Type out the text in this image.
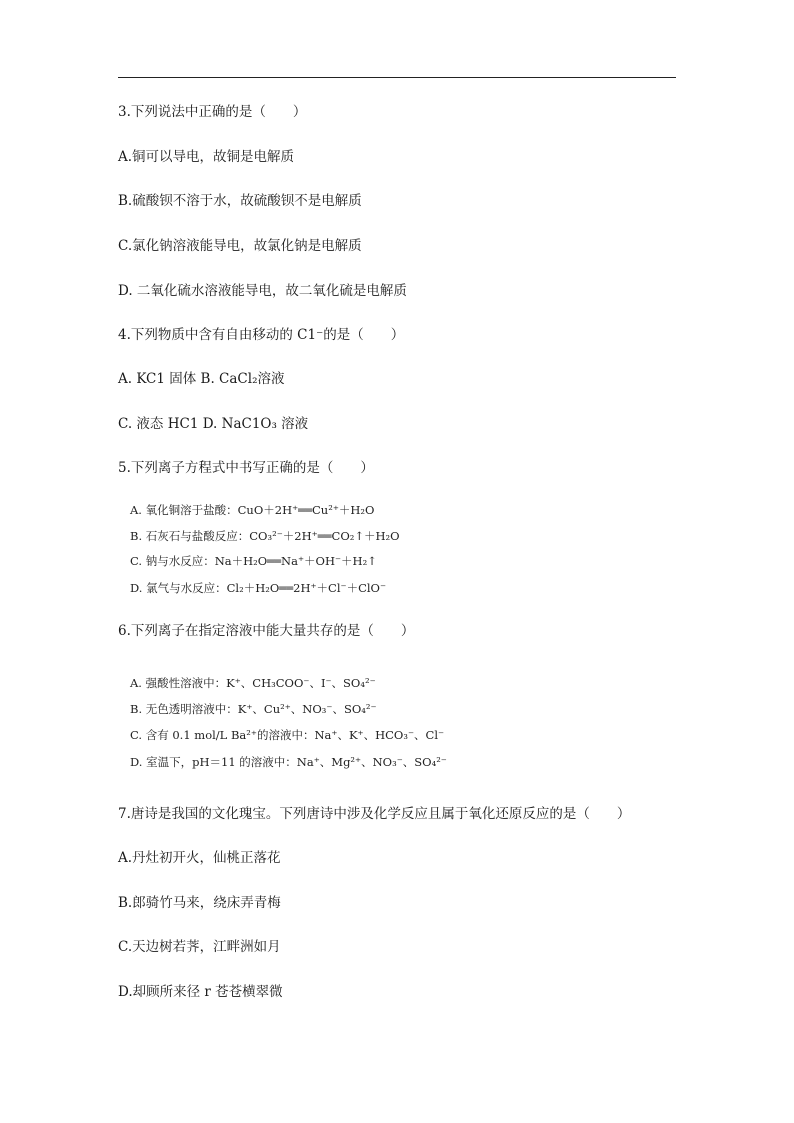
3.下列说法中正确的是（　　）
A.铜可以导电，故铜是电解质
B.硫酸钡不溶于水，故硫酸钡不是电解质
C.氯化钠溶液能导电，故氯化钠是电解质
D. 二氧化硫水溶液能导电，故二氧化硫是电解质
4.下列物质中含有自由移动的 C1⁻的是（　　）
A. KC1 固体 B. CaCl₂溶液
C. 液态 HC1 D. NaC1O₃ 溶液
5.下列离子方程式中书写正确的是（　　）
A. 氧化铜溶于盐酸：CuO＋2H⁺══Cu²⁺＋H₂O
B. 石灰石与盐酸反应：CO₃²⁻＋2H⁺══CO₂↑＋H₂O
C. 钠与水反应：Na＋H₂O══Na⁺＋OH⁻＋H₂↑
D. 氯气与水反应：Cl₂＋H₂O══2H⁺＋Cl⁻＋ClO⁻
6.下列离子在指定溶液中能大量共存的是（　　）
A. 强酸性溶液中：K⁺、CH₃COO⁻、I⁻、SO₄²⁻
B. 无色透明溶液中：K⁺、Cu²⁺、NO₃⁻、SO₄²⁻
C. 含有 0.1 mol/L Ba²⁺的溶液中：Na⁺、K⁺、HCO₃⁻、Cl⁻
D. 室温下，pH＝11 的溶液中：Na⁺、Mg²⁺、NO₃⁻、SO₄²⁻
7.唐诗是我国的文化瑰宝。下列唐诗中涉及化学反应且属于氧化还原反应的是（　　）
A.丹灶初开火，仙桃正落花
B.郎骑竹马来，绕床弄青梅
C.天边树若荠，江畔洲如月
D.却顾所来径 r 苍苍横翠微
